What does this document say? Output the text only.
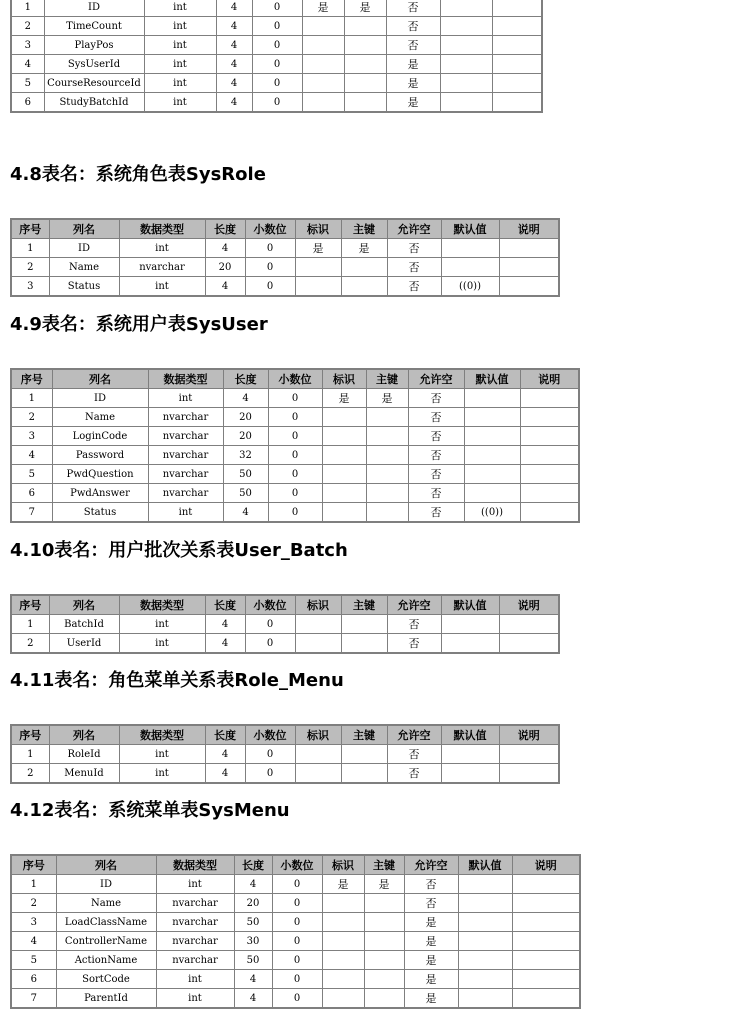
1	ID	int	4	0	是	是	否		
2	TimeCount	int	4	0			否		
3	PlayPos	int	4	0			否		
4	SysUserId	int	4	0			是		
5	CourseResourceId	int	4	0			是		
6	StudyBatchId	int	4	0			是		
4.8表名：系统角色表SysRole
序号	列名	数据类型	长度	小数位	标识	主键	允许空	默认值	说明
1	ID	int	4	0	是	是	否		
2	Name	nvarchar	20	0			否		
3	Status	int	4	0			否	((0))	
4.9表名：系统用户表SysUser
序号	列名	数据类型	长度	小数位	标识	主键	允许空	默认值	说明
1	ID	int	4	0	是	是	否		
2	Name	nvarchar	20	0			否		
3	LoginCode	nvarchar	20	0			否		
4	Password	nvarchar	32	0			否		
5	PwdQuestion	nvarchar	50	0			否		
6	PwdAnswer	nvarchar	50	0			否		
7	Status	int	4	0			否	((0))	
4.10表名：用户批次关系表User_Batch
序号	列名	数据类型	长度	小数位	标识	主键	允许空	默认值	说明
1	BatchId	int	4	0			否		
2	UserId	int	4	0			否		
4.11表名：角色菜单关系表Role_Menu
序号	列名	数据类型	长度	小数位	标识	主键	允许空	默认值	说明
1	RoleId	int	4	0			否		
2	MenuId	int	4	0			否		
4.12表名：系统菜单表SysMenu
序号	列名	数据类型	长度	小数位	标识	主键	允许空	默认值	说明
1	ID	int	4	0	是	是	否		
2	Name	nvarchar	20	0			否		
3	LoadClassName	nvarchar	50	0			是		
4	ControllerName	nvarchar	30	0			是		
5	ActionName	nvarchar	50	0			是		
6	SortCode	int	4	0			是		
7	ParentId	int	4	0			是		
